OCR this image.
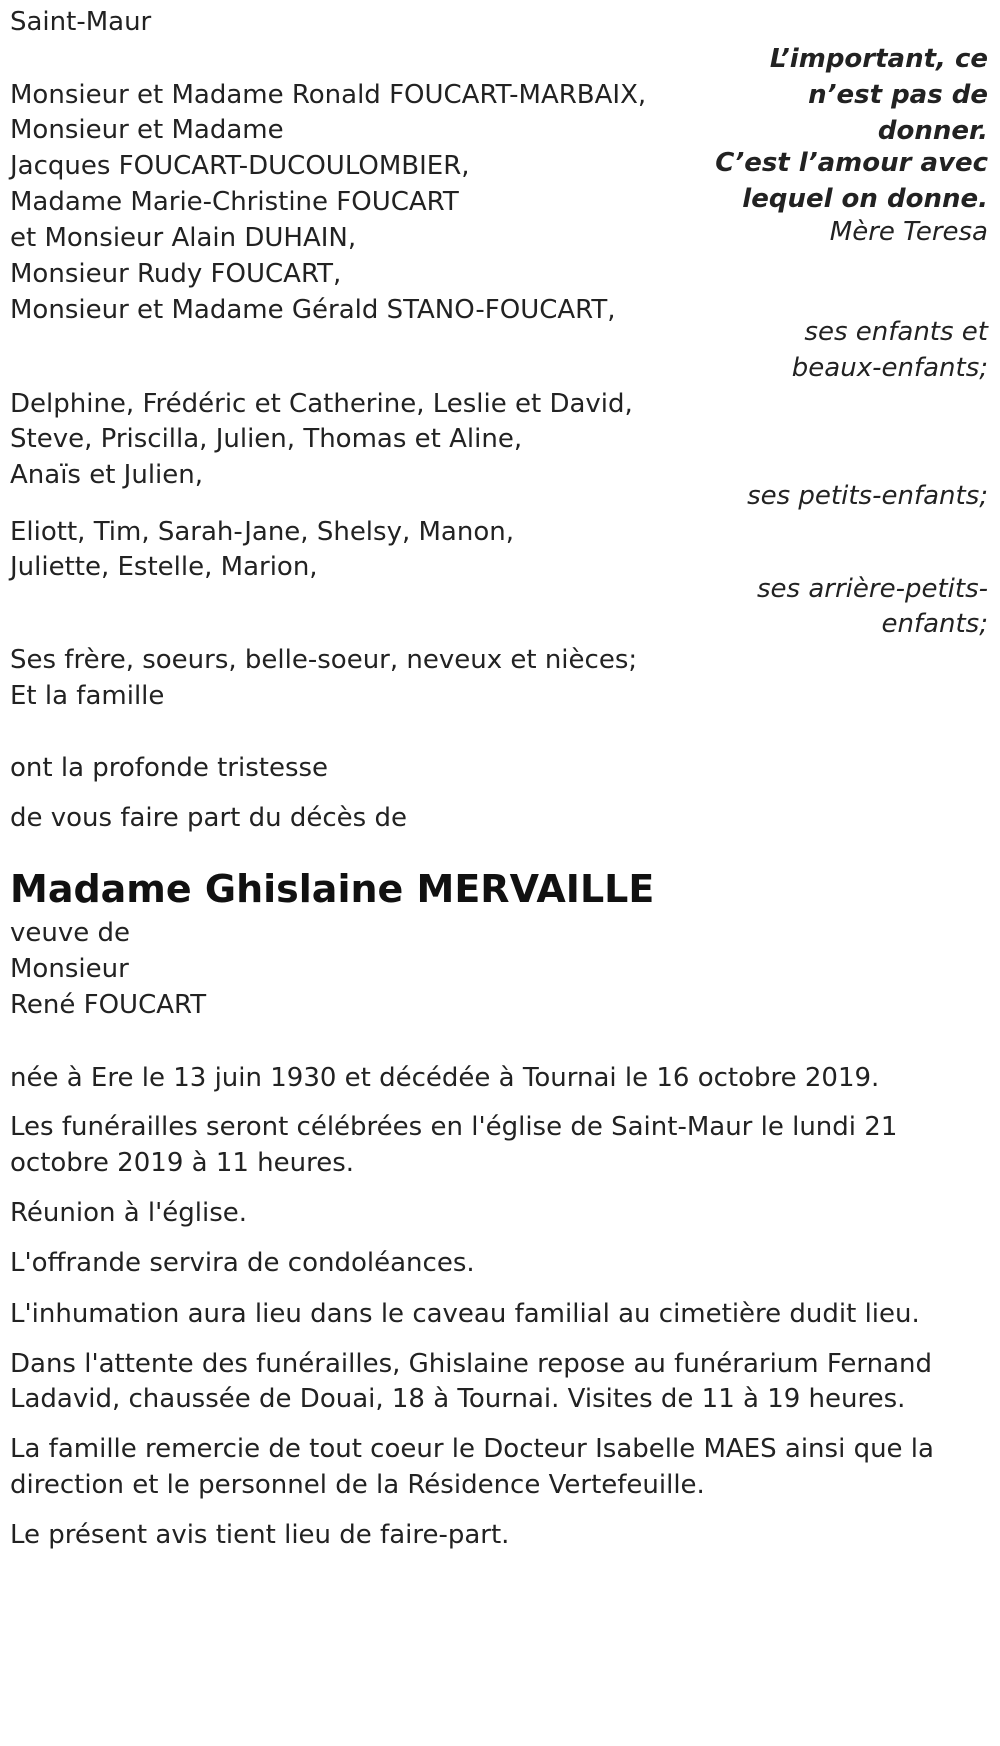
Saint-Maur
L’important, ce
n’est pas de
donner.
C’est l’amour avec
lequel on donne.
Mère Teresa
Monsieur et Madame Ronald FOUCART-MARBAIX,
Monsieur et Madame
Jacques FOUCART-DUCOULOMBIER,
Madame Marie-Christine FOUCART
et Monsieur Alain DUHAIN,
Monsieur Rudy FOUCART,
Monsieur et Madame Gérald STANO-FOUCART,
ses enfants et
beaux-enfants;
Delphine, Frédéric et Catherine, Leslie et David,
Steve, Priscilla, Julien, Thomas et Aline,
Anaïs et Julien,
ses petits-enfants;
Eliott, Tim, Sarah-Jane, Shelsy, Manon,
Juliette, Estelle, Marion,
ses arrière-petits-
enfants;
Ses frère, soeurs, belle-soeur, neveux et nièces;
Et la famille
ont la profonde tristesse
de vous faire part du décès de
Madame Ghislaine MERVAILLE
veuve de
Monsieur
René FOUCART
née à Ere le 13 juin 1930 et décédée à Tournai le 16 octobre 2019.
Les funérailles seront célébrées en l'église de Saint-Maur le lundi 21
octobre 2019 à 11 heures.
Réunion à l'église.
L'offrande servira de condoléances.
L'inhumation aura lieu dans le caveau familial au cimetière dudit lieu.
Dans l'attente des funérailles, Ghislaine repose au funérarium Fernand
Ladavid, chaussée de Douai, 18 à Tournai. Visites de 11 à 19 heures.
La famille remercie de tout coeur le Docteur Isabelle MAES ainsi que la
direction et le personnel de la Résidence Vertefeuille.
Le présent avis tient lieu de faire-part.
